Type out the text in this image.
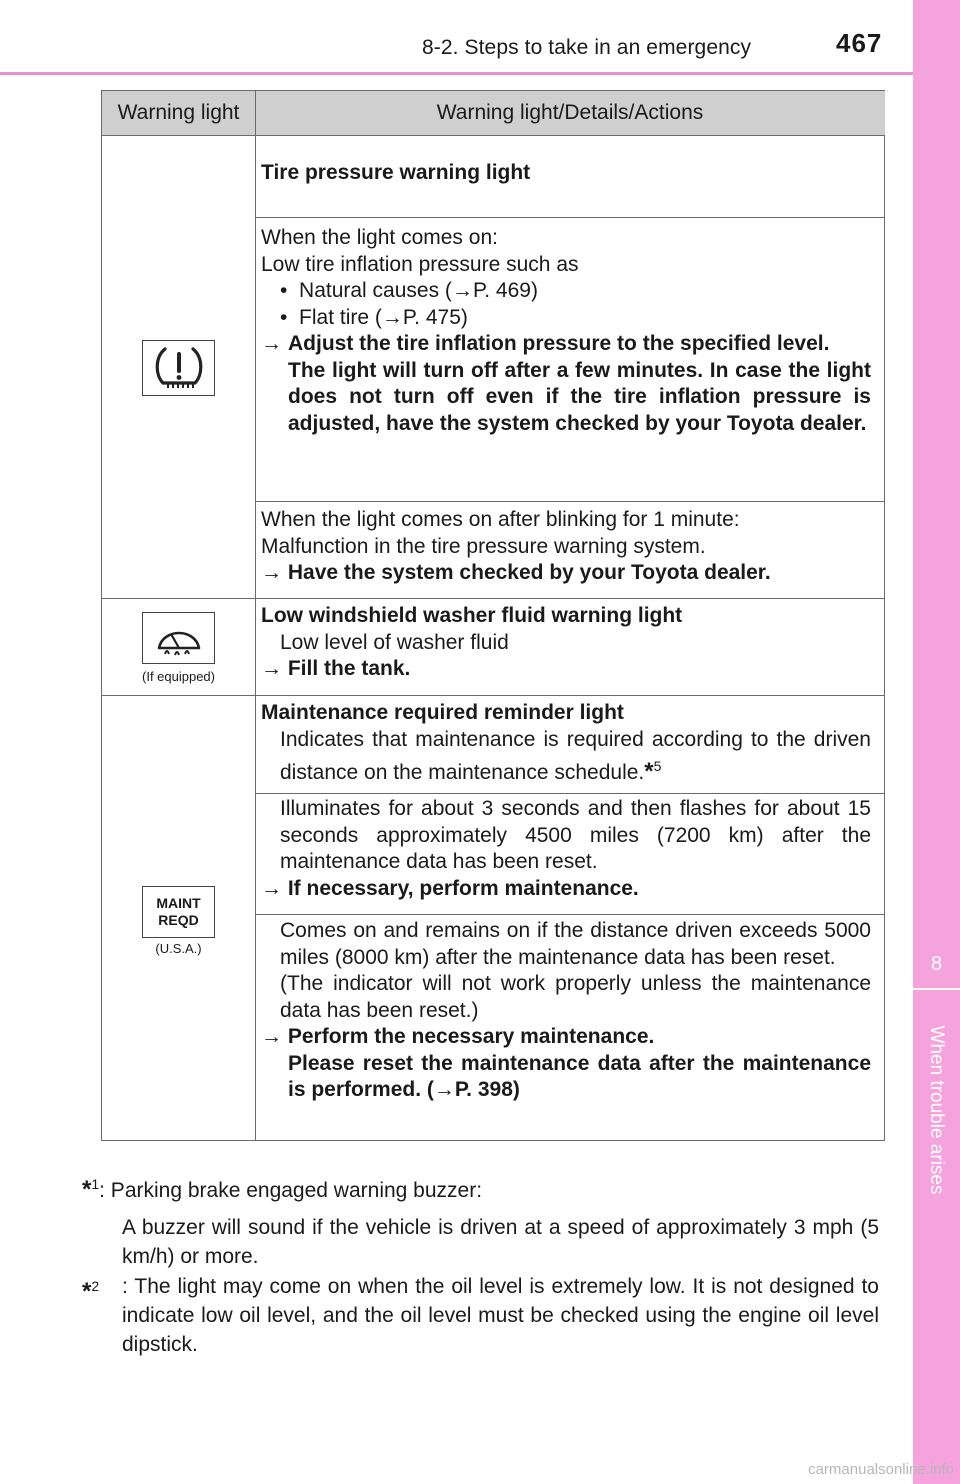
8-2. Steps to take in an emergency	467
8
When trouble arises
Warning light	Warning light/Details/Actions
Tire pressure warning light
When the light comes on:
Low tire inflation pressure such as
•  Natural causes (→P. 469)
•  Flat tire (→P. 475)
→ Adjust the tire inflation pressure to the specified level.
The light will turn off after a few minutes. In case the light does not turn off even if the tire inflation pressure is adjusted, have the system checked by your Toyota dealer.
When the light comes on after blinking for 1 minute:
Malfunction in the tire pressure warning system.
→ Have the system checked by your Toyota dealer.
(If equipped)
Low windshield washer fluid warning light
Low level of washer fluid
→ Fill the tank.
MAINT
REQD
(U.S.A.)
Maintenance required reminder light
Indicates that maintenance is required according to the driven distance on the maintenance schedule.*$^5$
Illuminates for about 3 seconds and then flashes for about 15 seconds approximately 4500 miles (7200 km) after the maintenance data has been reset.
→ If necessary, perform maintenance.
Comes on and remains on if the distance driven exceeds 5000 miles (8000 km) after the maintenance data has been reset.
(The indicator will not work properly unless the maintenance data has been reset.)
→ Perform the necessary maintenance.
Please reset the maintenance data after the maintenance is performed. (→P. 398)
*$^1$: Parking brake engaged warning buzzer:
A buzzer will sound if the vehicle is driven at a speed of approximately 3 mph (5 km/h) or more.
*$^2$ : The light may come on when the oil level is extremely low. It is not designed to indicate low oil level, and the oil level must be checked using the engine oil level dipstick.
carmanualsonline.info
